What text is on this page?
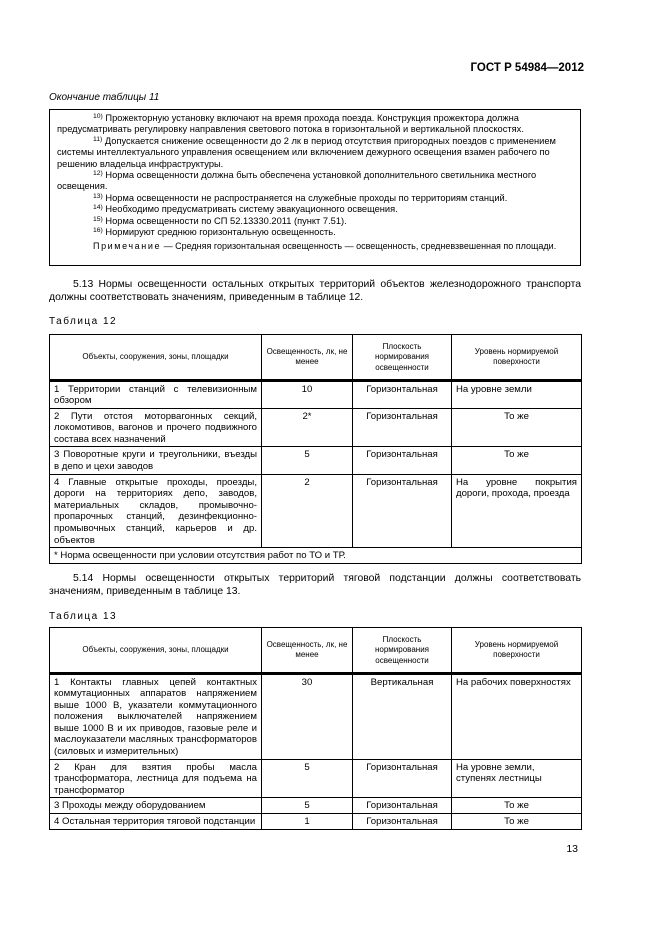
ГОСТ Р 54984—2012
Окончание таблицы 11

$^{10)}$ Прожекторную установку включают на время прохода поезда. Конструкция прожектора должна предусматривать регулировку направления светового потока в горизонтальной и вертикальной плоскостях.

$^{11)}$ Допускается снижение освещенности до 2 лк в период отсутствия пригородных поездов с применением системы интеллектуального управления освещением или включением дежурного освещения взамен рабочего по решению владельца инфраструктуры.

$^{12)}$ Норма освещенности должна быть обеспечена установкой дополнительного светильника местного освещения.

$^{13)}$ Норма освещенности не распространяется на служебные проходы по территориям станций.

$^{14)}$ Необходимо предусматривать систему эвакуационного освещения.

$^{15)}$ Норма освещенности по СП 52.13330.2011 (пункт 7.51).

$^{16)}$ Нормируют среднюю горизонтальную освещенность.

Примечание — Средняя горизонтальная освещенность — освещенность, средневзвешенная по площади.

5.13 Нормы освещенности остальных открытых территорий объектов железнодорожного транспорта должны соответствовать значениям, приведенным в таблице 12.
Таблица 12
Объекты, сооружения, зоны, площадки	Освещенность, лк, не менее	Плоскость нормирования освещенности	Уровень нормируемой поверхности

1 Территории станций с телевизионным обзором	10	Горизонтальная	На уровне земли
2 Пути отстоя моторвагонных секций, локомотивов, вагонов и прочего подвижного состава всех назначений	2*	Горизонтальная	То же
3 Поворотные круги и треугольники, въезды в депо и цехи заводов	5	Горизонтальная	То же
4 Главные открытые проходы, проезды, дороги на территориях депо, заводов, материальных складов, промывочно-пропарочных станций, дезинфекционно-промывочных станций, карьеров и др. объектов	2	Горизонтальная	На уровне покрытия дороги, прохода, проезда
* Норма освещенности при условии отсутствия работ по ТО и ТР.			
5.14 Нормы освещенности открытых территорий тяговой подстанции должны соответствовать значениям, приведенным в таблице 13.
Таблица 13
Объекты, сооружения, зоны, площадки	Освещенность, лк, не менее	Плоскость нормирования освещенности	Уровень нормируемой поверхности

1 Контакты главных цепей контактных коммутационных аппаратов напряжением выше 1000 В, указатели коммутационного положения выключателей напряжением выше 1000 В и их приводов, газовые реле и маслоуказатели масляных трансформаторов (силовых и измерительных)	30	Вертикальная	На рабочих поверхностях
2 Кран для взятия пробы масла трансформатора, лестница для подъема на трансформатор	5	Горизонтальная	На уровне земли, ступенях лестницы
3 Проходы между оборудованием	5	Горизонтальная	То же
4 Остальная территория тяговой подстанции	1	Горизонтальная	То же
13
